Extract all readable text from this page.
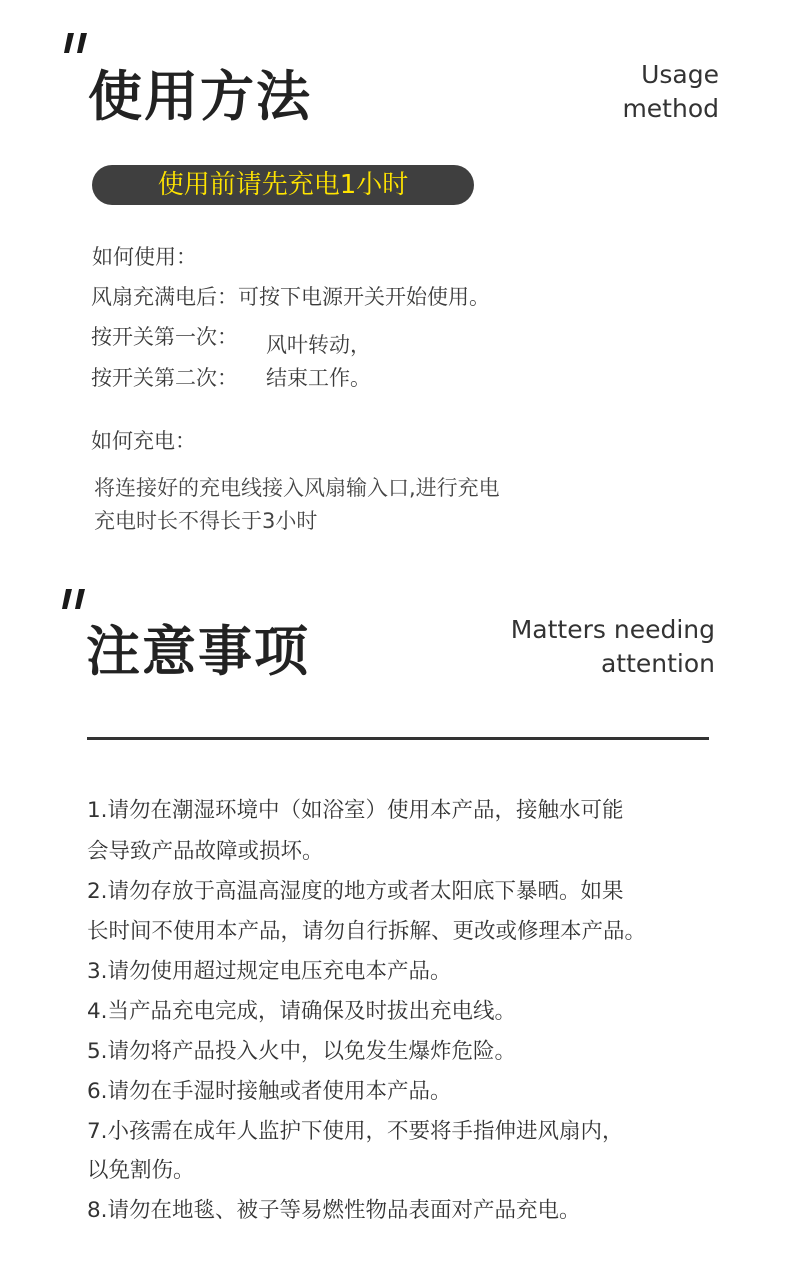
使用方法	Usage
method
使用前请先充电1小时
如何使用：
风扇充满电后：可按下电源开关开始使用。
按开关第一次： 风叶转动，
按开关第二次： 结束工作。
如何充电：
将连接好的充电线接入风扇输入口,进行充电
充电时长不得长于3小时
注意事项	Matters needing
attention
1.请勿在潮湿环境中（如浴室）使用本产品，接触水可能
会导致产品故障或损坏。
2.请勿存放于高温高湿度的地方或者太阳底下暴晒。如果
长时间不使用本产品，请勿自行拆解、更改或修理本产品。
3.请勿使用超过规定电压充电本产品。
4.当产品充电完成，请确保及时拔出充电线。
5.请勿将产品投入火中，以免发生爆炸危险。
6.请勿在手湿时接触或者使用本产品。
7.小孩需在成年人监护下使用，不要将手指伸进风扇内，
以免割伤。
8.请勿在地毯、被子等易燃性物品表面对产品充电。
